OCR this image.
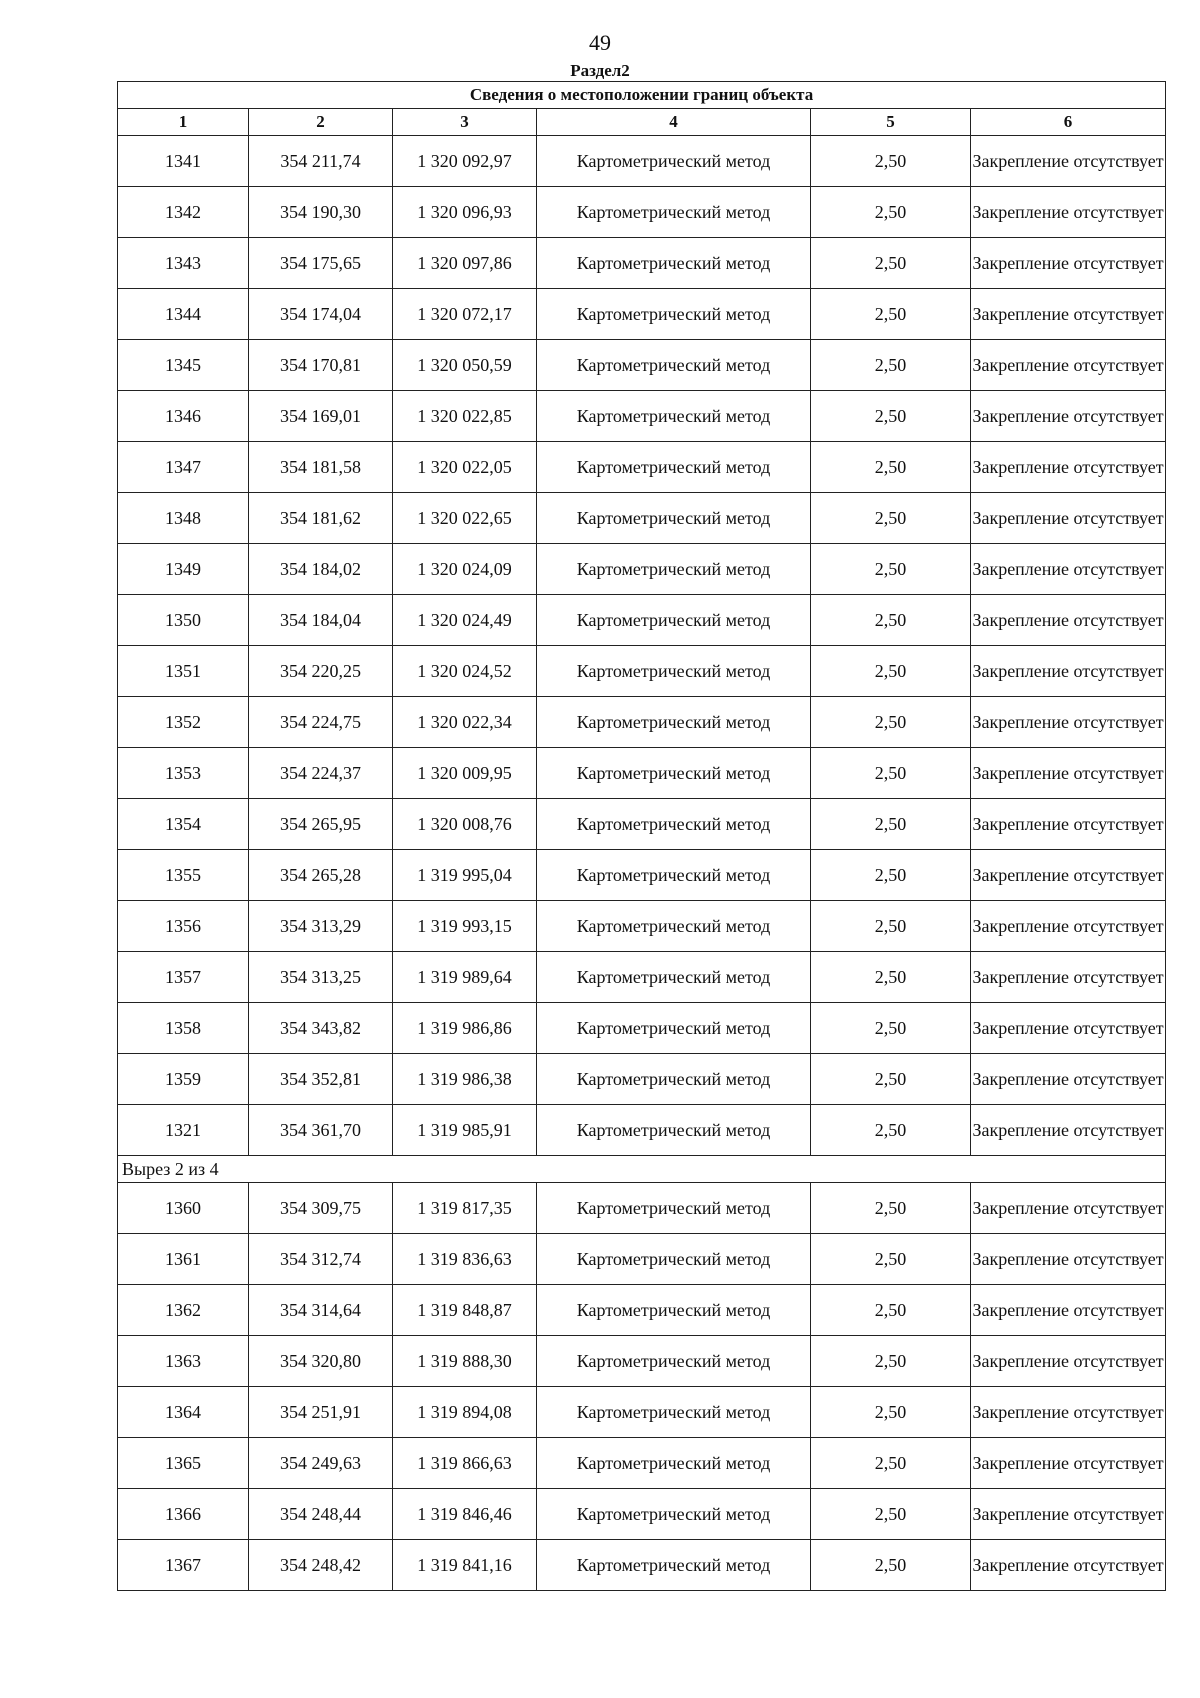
49
Раздел2
Сведения о местоположении границ объекта					
1	2	3	4	5	6
1341	354 211,74	1 320 092,97	Картометрический метод	2,50	Закрепление отсутствует
1342	354 190,30	1 320 096,93	Картометрический метод	2,50	Закрепление отсутствует
1343	354 175,65	1 320 097,86	Картометрический метод	2,50	Закрепление отсутствует
1344	354 174,04	1 320 072,17	Картометрический метод	2,50	Закрепление отсутствует
1345	354 170,81	1 320 050,59	Картометрический метод	2,50	Закрепление отсутствует
1346	354 169,01	1 320 022,85	Картометрический метод	2,50	Закрепление отсутствует
1347	354 181,58	1 320 022,05	Картометрический метод	2,50	Закрепление отсутствует
1348	354 181,62	1 320 022,65	Картометрический метод	2,50	Закрепление отсутствует
1349	354 184,02	1 320 024,09	Картометрический метод	2,50	Закрепление отсутствует
1350	354 184,04	1 320 024,49	Картометрический метод	2,50	Закрепление отсутствует
1351	354 220,25	1 320 024,52	Картометрический метод	2,50	Закрепление отсутствует
1352	354 224,75	1 320 022,34	Картометрический метод	2,50	Закрепление отсутствует
1353	354 224,37	1 320 009,95	Картометрический метод	2,50	Закрепление отсутствует
1354	354 265,95	1 320 008,76	Картометрический метод	2,50	Закрепление отсутствует
1355	354 265,28	1 319 995,04	Картометрический метод	2,50	Закрепление отсутствует
1356	354 313,29	1 319 993,15	Картометрический метод	2,50	Закрепление отсутствует
1357	354 313,25	1 319 989,64	Картометрический метод	2,50	Закрепление отсутствует
1358	354 343,82	1 319 986,86	Картометрический метод	2,50	Закрепление отсутствует
1359	354 352,81	1 319 986,38	Картометрический метод	2,50	Закрепление отсутствует
1321	354 361,70	1 319 985,91	Картометрический метод	2,50	Закрепление отсутствует
Вырез 2 из 4					
1360	354 309,75	1 319 817,35	Картометрический метод	2,50	Закрепление отсутствует
1361	354 312,74	1 319 836,63	Картометрический метод	2,50	Закрепление отсутствует
1362	354 314,64	1 319 848,87	Картометрический метод	2,50	Закрепление отсутствует
1363	354 320,80	1 319 888,30	Картометрический метод	2,50	Закрепление отсутствует
1364	354 251,91	1 319 894,08	Картометрический метод	2,50	Закрепление отсутствует
1365	354 249,63	1 319 866,63	Картометрический метод	2,50	Закрепление отсутствует
1366	354 248,44	1 319 846,46	Картометрический метод	2,50	Закрепление отсутствует
1367	354 248,42	1 319 841,16	Картометрический метод	2,50	Закрепление отсутствует
